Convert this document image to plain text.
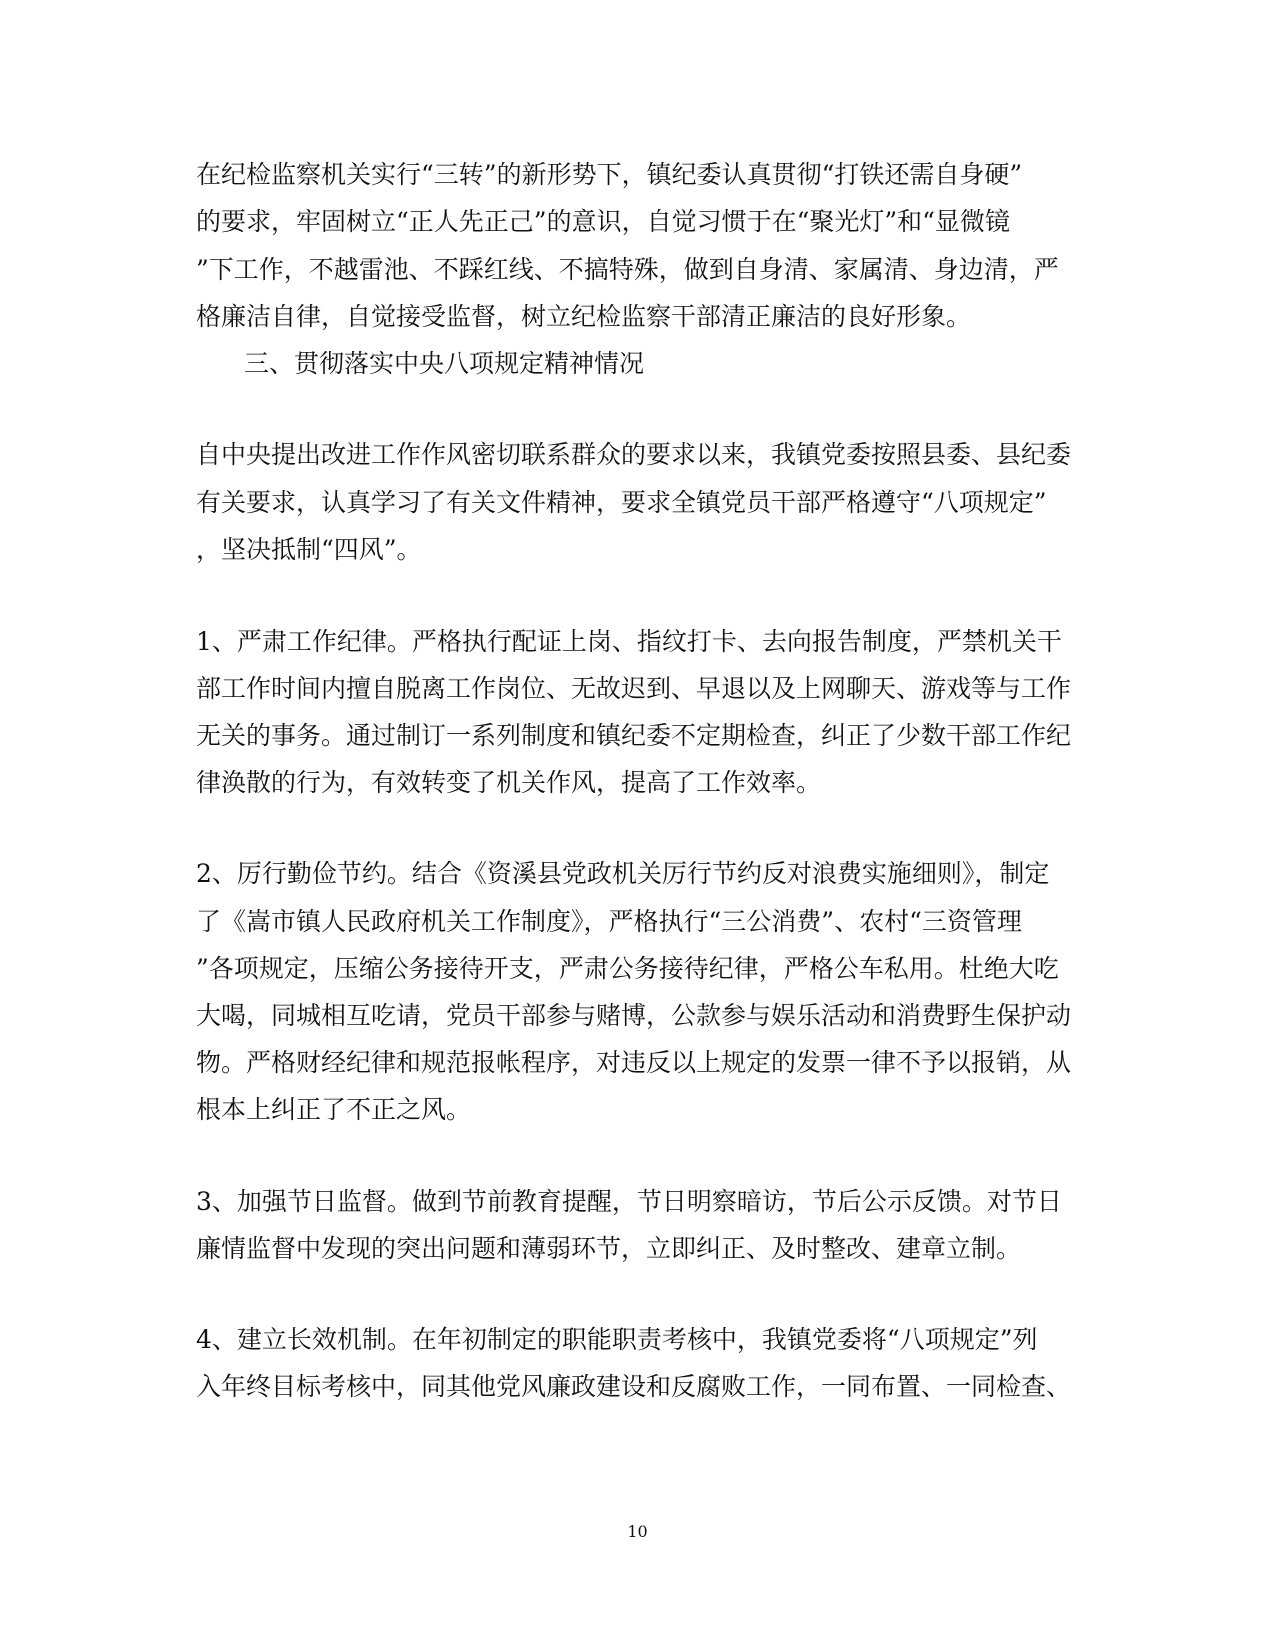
在纪检监察机关实行“三转”的新形势下，镇纪委认真贯彻“打铁还需自身硬”
的要求，牢固树立“正人先正己”的意识，自觉习惯于在“聚光灯”和“显微镜
”下工作，不越雷池、不踩红线、不搞特殊，做到自身清、家属清、身边清，严
格廉洁自律，自觉接受监督，树立纪检监察干部清正廉洁的良好形象。
三、贯彻落实中央八项规定精神情况
自中央提出改进工作作风密切联系群众的要求以来，我镇党委按照县委、县纪委
有关要求，认真学习了有关文件精神，要求全镇党员干部严格遵守“八项规定”
，坚决抵制“四风”。
1、严肃工作纪律。严格执行配证上岗、指纹打卡、去向报告制度，严禁机关干
部工作时间内擅自脱离工作岗位、无故迟到、早退以及上网聊天、游戏等与工作
无关的事务。通过制订一系列制度和镇纪委不定期检查，纠正了少数干部工作纪
律涣散的行为，有效转变了机关作风，提高了工作效率。
2、厉行勤俭节约。结合《资溪县党政机关厉行节约反对浪费实施细则》，制定
了《嵩市镇人民政府机关工作制度》，严格执行“三公消费”、农村“三资管理
”各项规定，压缩公务接待开支，严肃公务接待纪律，严格公车私用。杜绝大吃
大喝，同城相互吃请，党员干部参与赌博，公款参与娱乐活动和消费野生保护动
物。严格财经纪律和规范报帐程序，对违反以上规定的发票一律不予以报销，从
根本上纠正了不正之风。
3、加强节日监督。做到节前教育提醒，节日明察暗访，节后公示反馈。对节日
廉情监督中发现的突出问题和薄弱环节，立即纠正、及时整改、建章立制。
4、建立长效机制。在年初制定的职能职责考核中，我镇党委将“八项规定”列
入年终目标考核中，同其他党风廉政建设和反腐败工作，一同布置、一同检查、
10
